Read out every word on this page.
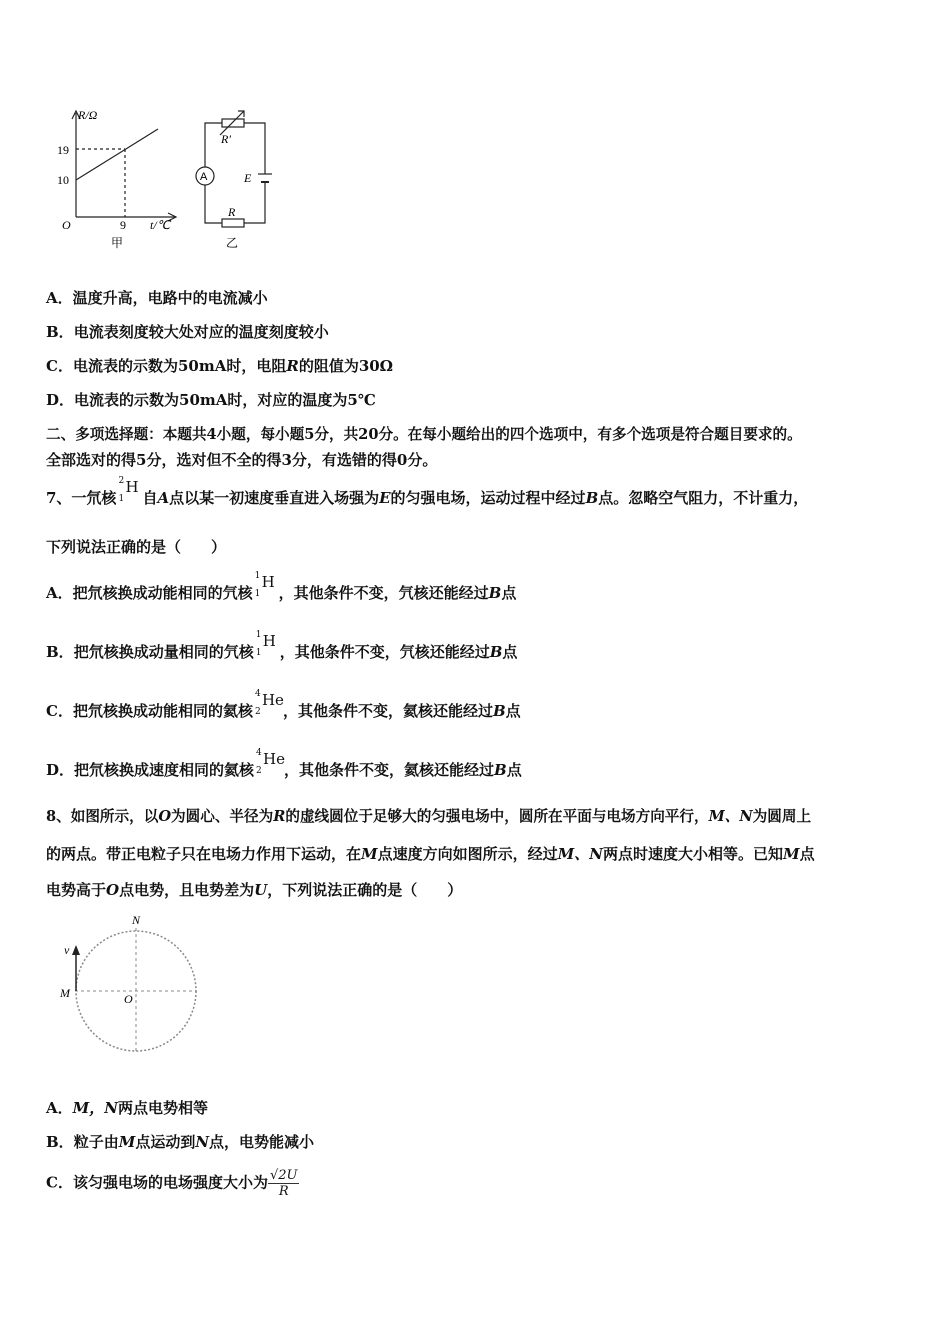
R/Ω
19
10
O	9 t/℃
甲
R′
A	E
R
乙
A．温度升高，电路中的电流减小
B．电流表刻度较大处对应的温度刻度较小
C．电流表的示数为50mA时，电阻R的阻值为30Ω
D．电流表的示数为50mA时，对应的温度为5℃
二、多项选择题：本题共4小题，每小题5分，共20分。在每小题给出的四个选项中，有多个选项是符合题目要求的。
全部选对的得5分，选对但不全的得3分，有选错的得0分。
7、一氘核
2
1
H
自A点以某一初速度垂直进入场强为E的匀强电场，运动过程中经过B点。忽略空气阻力，不计重力，
下列说法正确的是（　　）
A．把氘核换成动能相同的氕核
1
1
H
，其他条件不变，氕核还能经过B点
B．把氘核换成动量相同的氕核
1
1
H
，其他条件不变，氕核还能经过B点
C．把氘核换成动能相同的氦核
4
2
He
，其他条件不变，氦核还能经过B点
D．把氘核换成速度相同的氦核
4
2
He
，其他条件不变，氦核还能经过B点
8、如图所示，以O为圆心、半径为R的虚线圆位于足够大的匀强电场中，圆所在平面与电场方向平行，M、N为圆周上
的两点。带正电粒子只在电场力作用下运动，在M点速度方向如图所示，经过M、N两点时速度大小相等。已知M点
电势高于O点电势，且电势差为U，下列说法正确的是（　　）
N
v
M	O
A．M，N两点电势相等
B．粒子由M点运动到N点，电势能减小
C．该匀强电场的电场强度大小为 $\frac{√2U}{R}$
